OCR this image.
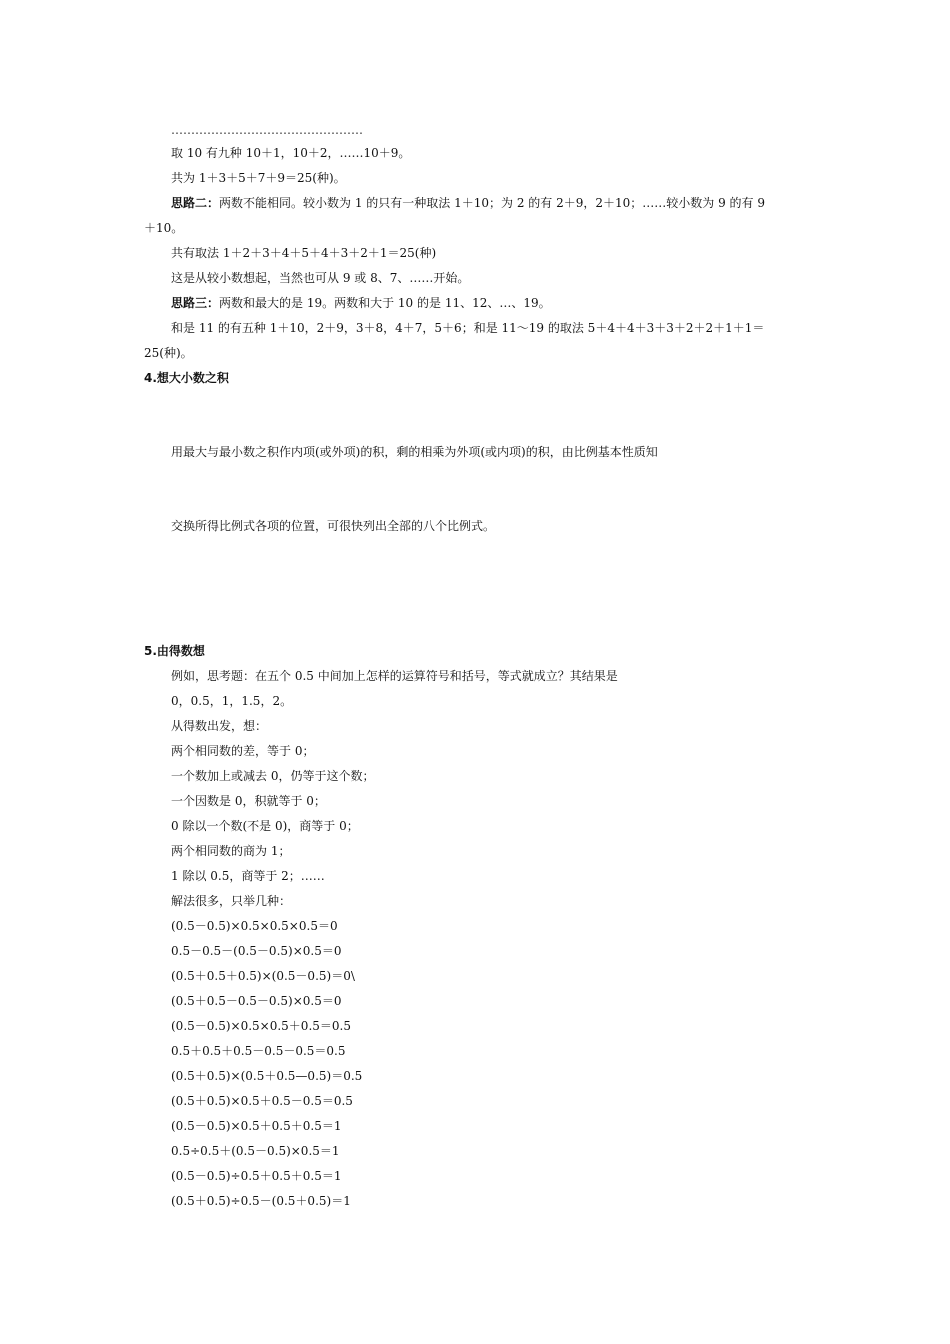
…………………………………………
取 10 有九种 10＋1，10＋2，……10＋9。
共为 1＋3＋5＋7＋9＝25(种)。
思路二：两数不能相同。较小数为 1 的只有一种取法 1＋10；为 2 的有 2＋9，2＋10；……较小数为 9 的有 9
＋10。
共有取法 1＋2＋3＋4＋5＋4＋3＋2＋1＝25(种)
这是从较小数想起，当然也可从 9 或 8、7、……开始。
思路三：两数和最大的是 19。两数和大于 10 的是 11、12、…、19。
和是 11 的有五种 1＋10，2＋9，3＋8，4＋7，5＋6；和是 11～19 的取法 5＋4＋4＋3＋3＋2＋2＋1＋1＝
25(种)。
4.想大小数之积
用最大与最小数之积作内项(或外项)的积，剩的相乘为外项(或内项)的积，由比例基本性质知
交换所得比例式各项的位置，可很快列出全部的八个比例式。
5.由得数想
例如，思考题：在五个 0.5 中间加上怎样的运算符号和括号，等式就成立？其结果是
0，0.5，1，1.5，2。
从得数出发，想：
两个相同数的差，等于 0；
一个数加上或减去 0，仍等于这个数；
一个因数是 0，积就等于 0；
0 除以一个数(不是 0)，商等于 0；
两个相同数的商为 1；
1 除以 0.5，商等于 2；……
解法很多，只举几种：
(0.5－0.5)×0.5×0.5×0.5＝0
0.5－0.5－(0.5－0.5)×0.5＝0
(0.5＋0.5＋0.5)×(0.5－0.5)＝0\
(0.5＋0.5－0.5－0.5)×0.5＝0
(0.5－0.5)×0.5×0.5＋0.5＝0.5
0.5＋0.5＋0.5－0.5－0.5＝0.5
(0.5＋0.5)×(0.5＋0.5—0.5)＝0.5
(0.5＋0.5)×0.5＋0.5－0.5＝0.5
(0.5－0.5)×0.5＋0.5＋0.5＝1
0.5÷0.5＋(0.5－0.5)×0.5＝1
(0.5－0.5)÷0.5＋0.5＋0.5＝1
(0.5＋0.5)÷0.5－(0.5＋0.5)＝1
